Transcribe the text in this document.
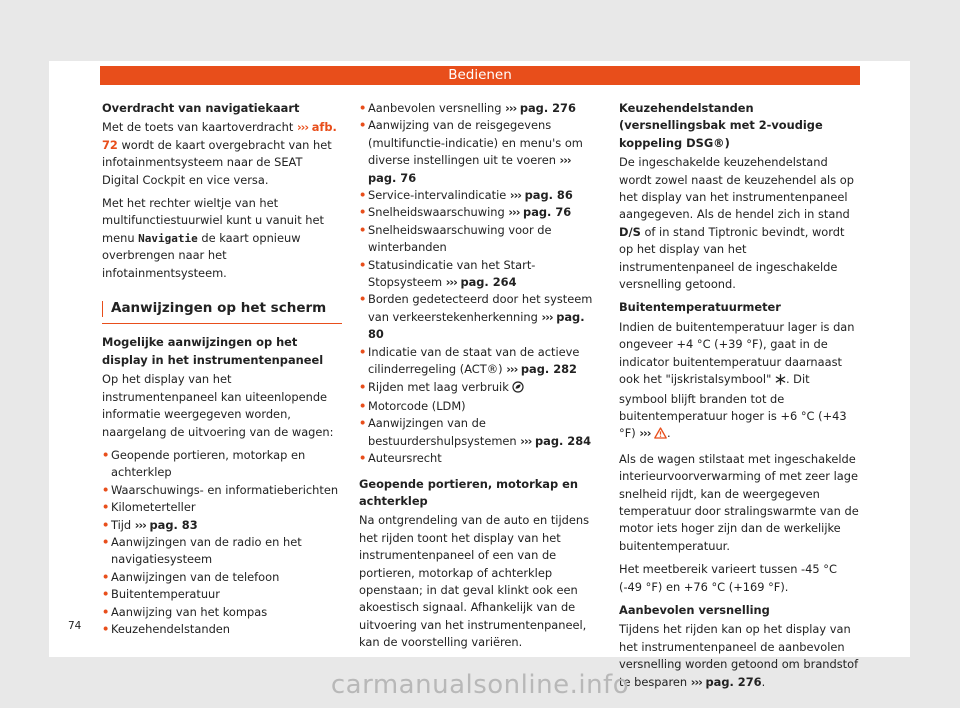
Bedienen
Overdracht van navigatiekaart

Met de toets van kaartoverdracht ››› afb. 72 wordt de kaart overgebracht van het infotainmentsysteem naar de SEAT Digital Cockpit en vice versa.

Met het rechter wieltje van het multifunctiestuurwiel kunt u vanuit het menu Navigatie de kaart opnieuw overbrengen naar het infotainmentsysteem.

Aanwijzingen op het scherm
Mogelijke aanwijzingen op het display in het instrumentenpaneel

Op het display van het instrumentenpaneel kan uiteenlopende informatie weergegeven worden, naargelang de uitvoering van de wagen:

• Geopende portieren, motorkap en achterklep
• Waarschuwings- en informatieberichten
• Kilometerteller
• Tijd ››› pag. 83
• Aanwijzingen van de radio en het navigatiesysteem
• Aanwijzingen van de telefoon
• Buitentemperatuur
• Aanwijzing van het kompas
• Keuzehendelstanden
• Aanbevolen versnelling ››› pag. 276
• Aanwijzing van de reisgegevens (multifunctie-indicatie) en menu's om diverse instellingen uit te voeren ››› pag. 76
• Service-intervalindicatie ››› pag. 86
• Snelheidswaarschuwing ››› pag. 76
• Snelheidswaarschuwing voor de winterbanden
• Statusindicatie van het Start-Stopsysteem ››› pag. 264
• Borden gedetecteerd door het systeem van verkeerstekenherkenning ››› pag. 80
• Indicatie van de staat van de actieve cilinderregeling (ACT®) ››› pag. 282
• Rijden met laag verbruik
• Motorcode (LDM)
• Aanwijzingen van de bestuurdershulpsystemen ››› pag. 284
• Auteursrecht
Geopende portieren, motorkap en achterklep

Na ontgrendeling van de auto en tijdens het rijden toont het display van het instrumentenpaneel of een van de portieren, motorkap of achterklep openstaan; in dat geval klinkt ook een akoestisch signaal. Afhankelijk van de uitvoering van het instrumentenpaneel, kan de voorstelling variëren.

Keuzehendelstanden (versnellingsbak met 2-voudige koppeling DSG®)

De ingeschakelde keuzehendelstand wordt zowel naast de keuzehendel als op het display van het instrumentenpaneel aangegeven. Als de hendel zich in stand D/S of in stand Tiptronic bevindt, wordt op het display van het instrumentenpaneel de ingeschakelde versnelling getoond.

Buitentemperatuurmeter

Indien de buitentemperatuur lager is dan ongeveer +4 °C (+39 °F), gaat in de indicator buitentemperatuur daarnaast ook het "ijskristalsymbool" . Dit symbool blijft branden tot de buitentemperatuur hoger is +6 °C (+43 °F) ››› .

Als de wagen stilstaat met ingeschakelde interieurvoorverwarming of met zeer lage snelheid rijdt, kan de weergegeven temperatuur door stralingswarmte van de motor iets hoger zijn dan de werkelijke buitentemperatuur.

Het meetbereik varieert tussen -45 °C (-49 °F) en +76 °C (+169 °F).

Aanbevolen versnelling

Tijdens het rijden kan op het display van het instrumentenpaneel de aanbevolen versnelling worden getoond om brandstof te besparen ››› pag. 276.

74
carmanualsonline.info
